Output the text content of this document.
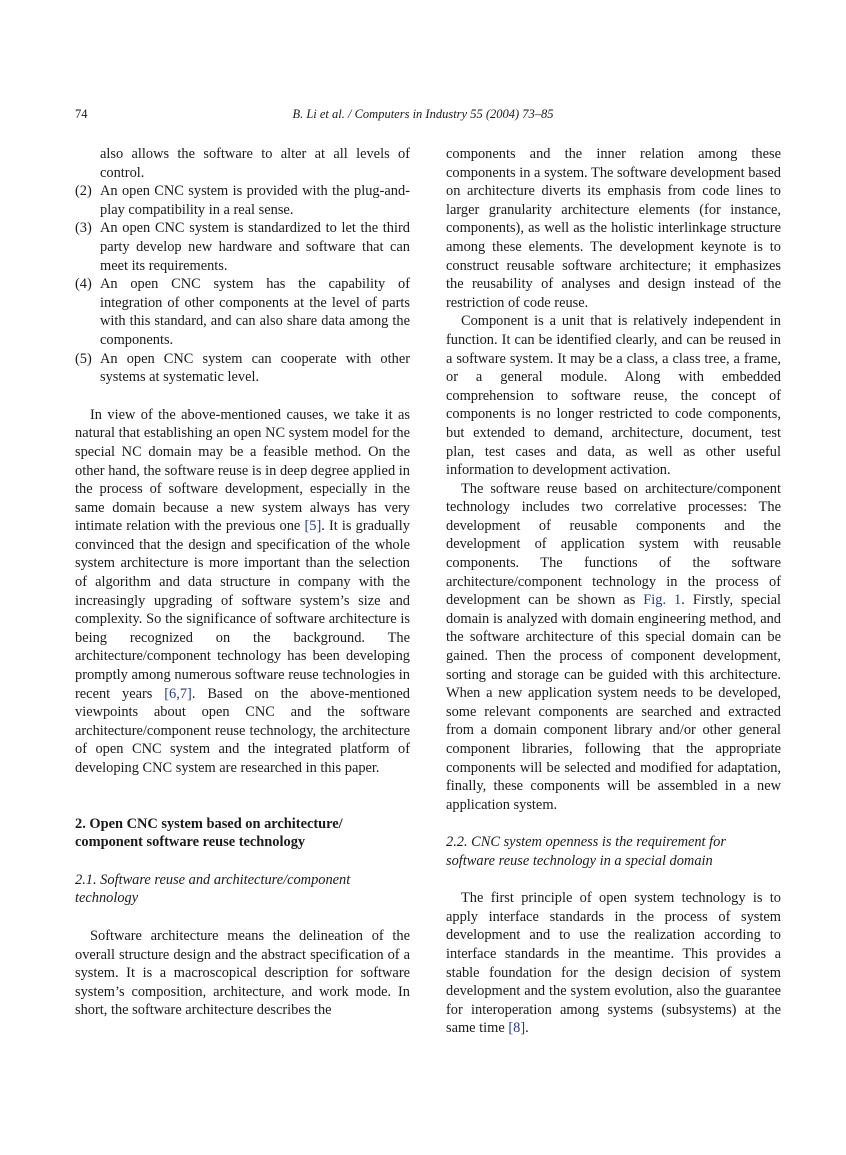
74	B. Li et al. / Computers in Industry 55 (2004) 73–85

also allows the software to alter at all levels of control.

(2) An open CNC system is provided with the plug-and-play compatibility in a real sense.

(3) An open CNC system is standardized to let the third party develop new hardware and software that can meet its requirements.

(4) An open CNC system has the capability of integration of other components at the level of parts with this standard, and can also share data among the components.

(5) An open CNC system can cooperate with other systems at systematic level.

In view of the above-mentioned causes, we take it as natural that establishing an open NC system model for the special NC domain may be a feasible method. On the other hand, the software reuse is in deep degree applied in the process of software development, especially in the same domain because a new system always has very intimate relation with the previous one [5]. It is gradually convinced that the design and specification of the whole system architecture is more important than the selection of algorithm and data structure in company with the increasingly upgrading of software system’s size and complexity. So the significance of software architecture is being recognized on the background. The architecture/component technology has been developing promptly among numerous software reuse technologies in recent years [6,7]. Based on the above-mentioned viewpoints about open CNC and the software architecture/component reuse technology, the architecture of open CNC system and the integrated platform of developing CNC system are researched in this paper.

2. Open CNC system based on architecture/
component software reuse technology

2.1. Software reuse and architecture/component
technology

Software architecture means the delineation of the overall structure design and the abstract specification of a system. It is a macroscopical description for software system’s composition, architecture, and work mode. In short, the software architecture describes the

components and the inner relation among these components in a system. The software development based on architecture diverts its emphasis from code lines to larger granularity architecture elements (for instance, components), as well as the holistic interlinkage structure among these elements. The development keynote is to construct reusable software architecture; it emphasizes the reusability of analyses and design instead of the restriction of code reuse.

Component is a unit that is relatively independent in function. It can be identified clearly, and can be reused in a software system. It may be a class, a class tree, a frame, or a general module. Along with embedded comprehension to software reuse, the concept of components is no longer restricted to code components, but extended to demand, architecture, document, test plan, test cases and data, as well as other useful information to development activation.

The software reuse based on architecture/component technology includes two correlative processes: The development of reusable components and the development of application system with reusable components. The functions of the software architecture/component technology in the process of development can be shown as Fig. 1. Firstly, special domain is analyzed with domain engineering method, and the software architecture of this special domain can be gained. Then the process of component development, sorting and storage can be guided with this architecture. When a new application system needs to be developed, some relevant components are searched and extracted from a domain component library and/or other general component libraries, following that the appropriate components will be selected and modified for adaptation, finally, these components will be assembled in a new application system.

2.2. CNC system openness is the requirement for
software reuse technology in a special domain

The first principle of open system technology is to apply interface standards in the process of system development and to use the realization according to interface standards in the meantime. This provides a stable foundation for the design decision of system development and the system evolution, also the guarantee for interoperation among systems (subsystems) at the same time [8].
